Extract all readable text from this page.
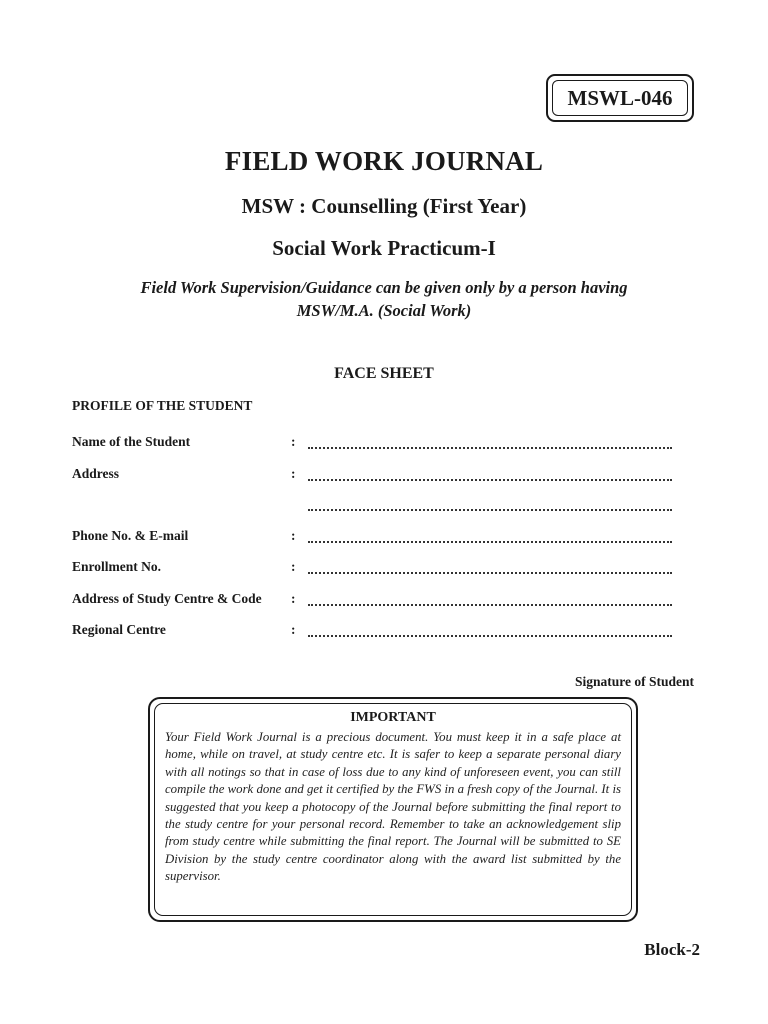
MSWL-046
FIELD WORK JOURNAL
MSW : Counselling (First Year)
Social Work Practicum-I
Field Work Supervision/Guidance can be given only by a person having
MSW/M.A. (Social Work)
FACE SHEET
PROFILE OF THE STUDENT
Name of the Student	:
Address	:
Phone No. & E-mail	:
Enrollment No.	:
Address of Study Centre & Code :
Regional Centre	:
Signature of Student
IMPORTANT
Your Field Work Journal is a precious document. You must keep it in a safe place at home, while on travel, at study centre etc. It is safer to keep a separate personal diary with all notings so that in case of loss due to any kind of unforeseen event, you can still compile the work done and get it certified by the FWS in a fresh copy of the Journal. It is suggested that you keep a photocopy of the Journal before submitting the final report to the study centre for your personal record. Remember to take an acknowledgement slip from study centre while submitting the final report. The Journal will be submitted to SE Division by the study centre coordinator along with the award list submitted by the supervisor.
Block-2
